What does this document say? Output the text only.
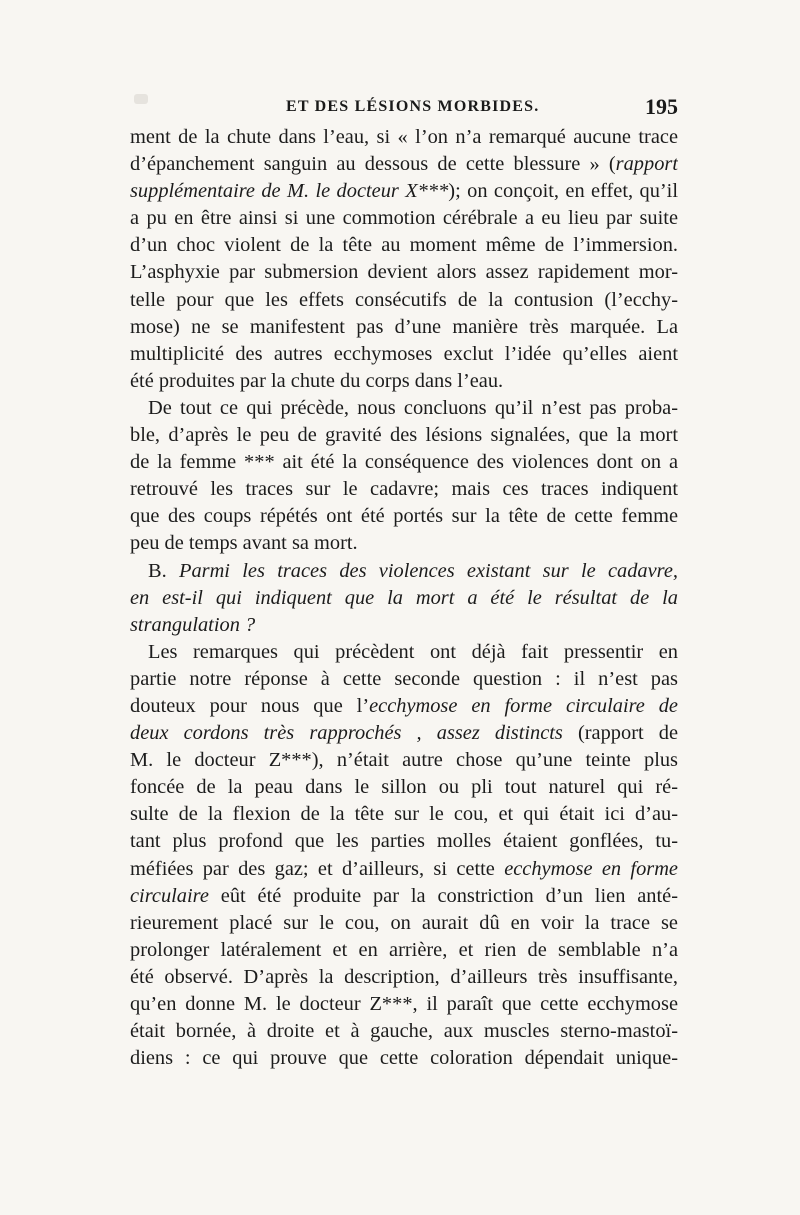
ET DES LÉSIONS MORBIDES.	195
ment de la chute dans l’eau, si « l’on n’a remarqué aucune trace
d’épanchement sanguin au dessous de cette blessure » (rapport
supplémentaire de M. le docteur X***); on conçoit, en effet, qu’il
a pu en être ainsi si une commotion cérébrale a eu lieu par suite
d’un choc violent de la tête au moment même de l’immersion.
L’asphyxie par submersion devient alors assez rapidement mor-
telle pour que les effets consécutifs de la contusion (l’ecchy-
mose) ne se manifestent pas d’une manière très marquée. La
multiplicité des autres ecchymoses exclut l’idée qu’elles aient
été produites par la chute du corps dans l’eau.
De tout ce qui précède, nous concluons qu’il n’est pas proba-
ble, d’après le peu de gravité des lésions signalées, que la mort
de la femme *** ait été la conséquence des violences dont on a
retrouvé les traces sur le cadavre; mais ces traces indiquent
que des coups répétés ont été portés sur la tête de cette femme
peu de temps avant sa mort.
B. Parmi les traces des violences existant sur le cadavre,
en est-il qui indiquent que la mort a été le résultat de la
strangulation ?
Les remarques qui précèdent ont déjà fait pressentir en
partie notre réponse à cette seconde question : il n’est pas
douteux pour nous que l’ecchymose en forme circulaire de
deux cordons très rapprochés , assez distincts (rapport de
M. le docteur Z***), n’était autre chose qu’une teinte plus
foncée de la peau dans le sillon ou pli tout naturel qui ré-
sulte de la flexion de la tête sur le cou, et qui était ici d’au-
tant plus profond que les parties molles étaient gonflées, tu-
méfiées par des gaz; et d’ailleurs, si cette ecchymose en forme
circulaire eût été produite par la constriction d’un lien anté-
rieurement placé sur le cou, on aurait dû en voir la trace se
prolonger latéralement et en arrière, et rien de semblable n’a
été observé. D’après la description, d’ailleurs très insuffisante,
qu’en donne M. le docteur Z***, il paraît que cette ecchymose
était bornée, à droite et à gauche, aux muscles sterno-mastoï-
diens : ce qui prouve que cette coloration dépendait unique-
